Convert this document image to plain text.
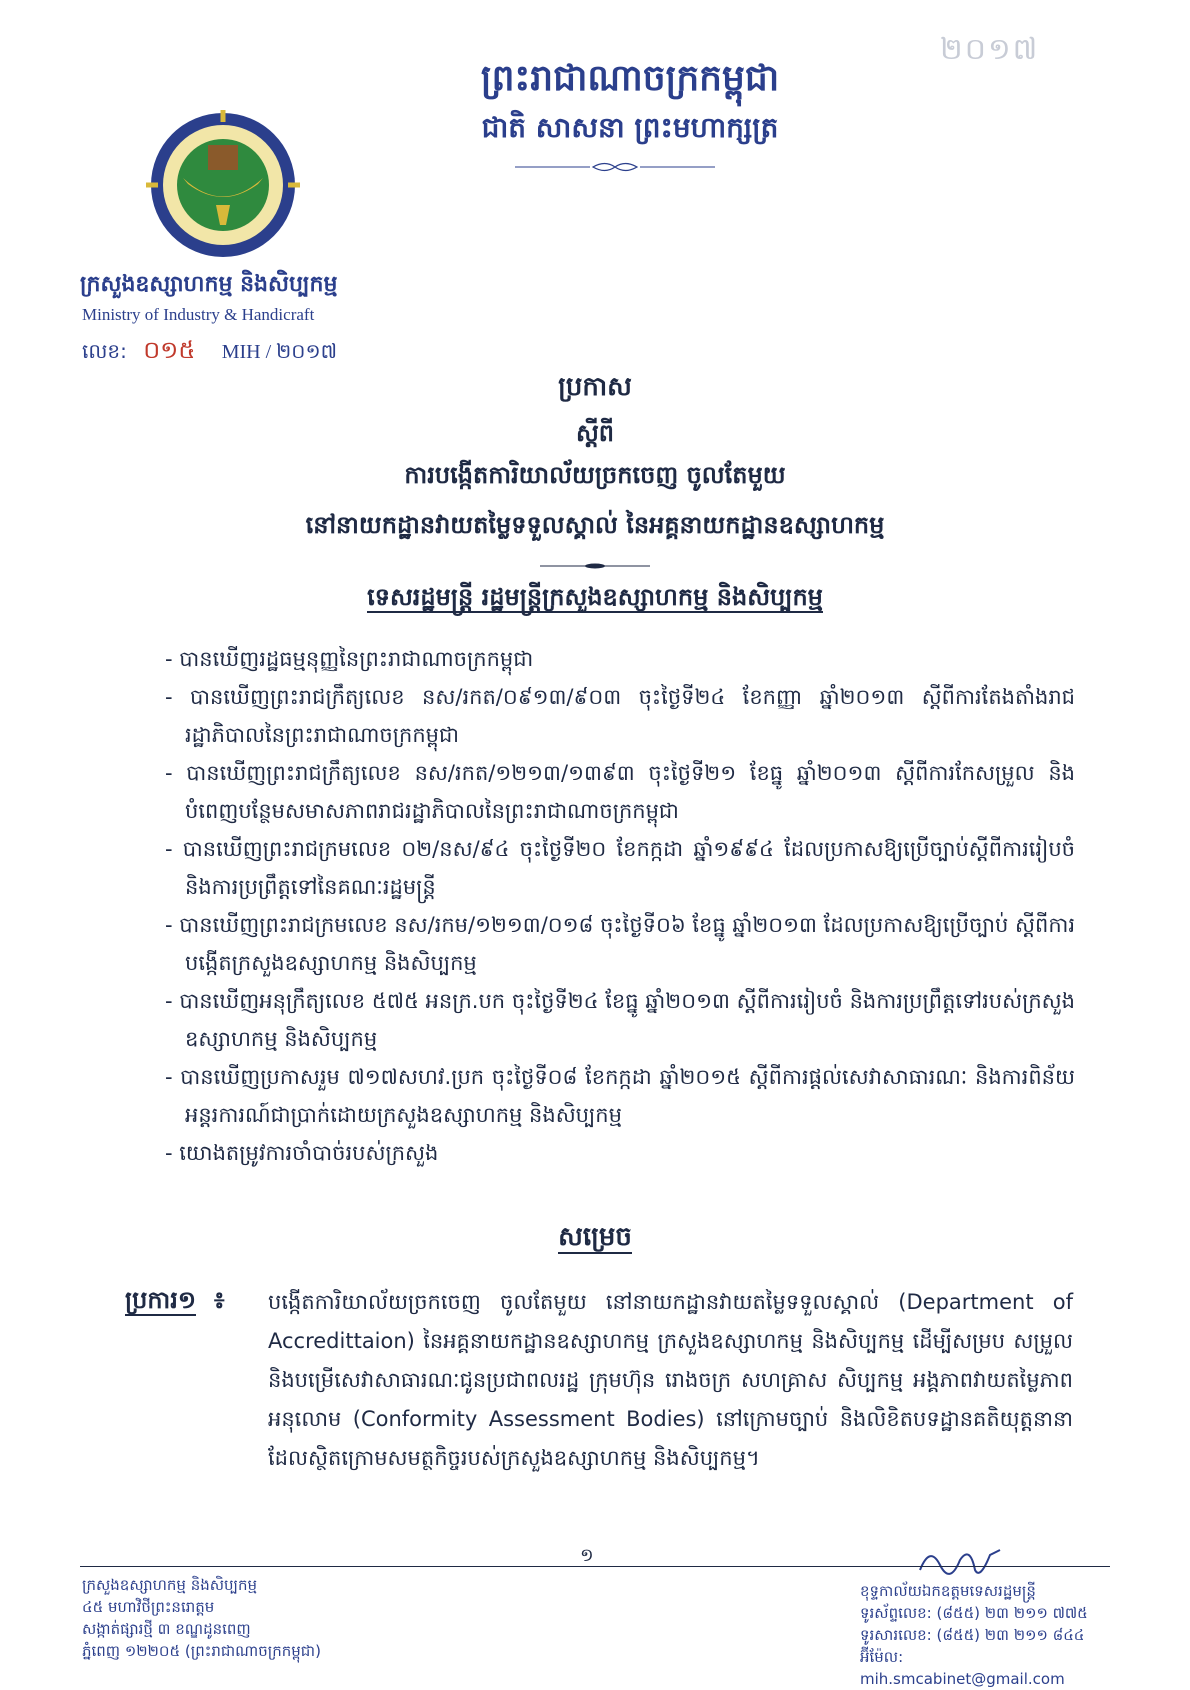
២០១៧
ព្រះរាជាណាចក្រកម្ពុជា
ជាតិ សាសនា ព្រះមហាក្សត្រ
ក្រសួងឧស្សាហកម្ម និងសិប្បកម្ម
Ministry of Industry & Handicraft
លេខ: ០១៥ MIH / ២០១៧
ប្រកាស
ស្តីពី
ការបង្កើតការិយាល័យច្រកចេញ ចូលតែមួយ
នៅនាយកដ្ឋានវាយតម្លៃទទួលស្គាល់ នៃអគ្គនាយកដ្ឋានឧស្សាហកម្ម
ទេសរដ្ឋមន្ត្រី រដ្ឋមន្ត្រីក្រសួងឧស្សាហកម្ម និងសិប្បកម្ម
- បានឃើញរដ្ឋធម្មនុញ្ញនៃព្រះរាជាណាចក្រកម្ពុជា
- បានឃើញព្រះរាជក្រឹត្យលេខ នស/រកត/០៩១៣/៩០៣ ចុះថ្ងៃទី២៤ ខែកញ្ញា ឆ្នាំ២០១៣ ស្តីពីការតែងតាំងរាជរដ្ឋាភិបាលនៃព្រះរាជាណាចក្រកម្ពុជា
- បានឃើញព្រះរាជក្រឹត្យលេខ នស/រកត/១២១៣/១៣៩៣ ចុះថ្ងៃទី២១ ខែធ្នូ ឆ្នាំ២០១៣ ស្តីពីការកែសម្រួល និងបំពេញបន្ថែមសមាសភាពរាជរដ្ឋាភិបាលនៃព្រះរាជាណាចក្រកម្ពុជា
- បានឃើញព្រះរាជក្រមលេខ ០២/នស/៩៤ ចុះថ្ងៃទី២០ ខែកក្កដា ឆ្នាំ១៩៩៤ ដែលប្រកាសឱ្យប្រើច្បាប់ស្តីពីការរៀបចំ និងការប្រព្រឹត្តទៅនៃគណៈរដ្ឋមន្ត្រី
- បានឃើញព្រះរាជក្រមលេខ នស/រកម/១២១៣/០១៨ ចុះថ្ងៃទី០៦ ខែធ្នូ ឆ្នាំ២០១៣ ដែលប្រកាសឱ្យប្រើច្បាប់ ស្តីពីការបង្កើតក្រសួងឧស្សាហកម្ម និងសិប្បកម្ម
- បានឃើញអនុក្រឹត្យលេខ ៥៧៥ អនក្រ.បក ចុះថ្ងៃទី២៤ ខែធ្នូ ឆ្នាំ២០១៣ ស្តីពីការរៀបចំ និងការប្រព្រឹត្តទៅរបស់ក្រសួងឧស្សាហកម្ម និងសិប្បកម្ម
- បានឃើញប្រកាសរួម ៧១៧សហវ.ប្រក ចុះថ្ងៃទី០៨ ខែកក្កដា ឆ្នាំ២០១៥ ស្តីពីការផ្តល់សេវាសាធារណៈ និងការពិន័យ អន្តរការណ៍ជាប្រាក់ដោយក្រសួងឧស្សាហកម្ម និងសិប្បកម្ម
- យោងតម្រូវការចាំបាច់របស់ក្រសួង
សម្រេច
ប្រការ១ ៖ បង្កើតការិយាល័យច្រកចេញ ចូលតែមួយ នៅនាយកដ្ឋានវាយតម្លៃទទួលស្គាល់ (Department of Accredittaion) នៃអគ្គនាយកដ្ឋានឧស្សាហកម្ម ក្រសួងឧស្សាហកម្ម និងសិប្បកម្ម ដើម្បីសម្រប សម្រួល និងបម្រើសេវាសាធារណៈជូនប្រជាពលរដ្ឋ ក្រុមហ៊ុន រោងចក្រ សហគ្រាស សិប្បកម្ម អង្គភាពវាយតម្លៃភាពអនុលោម (Conformity Assessment Bodies) នៅក្រោមច្បាប់ និងលិខិតបទដ្ឋានគតិយុត្តនានា ដែលស្ថិតក្រោមសមត្ថកិច្ចរបស់ក្រសួងឧស្សាហកម្ម និងសិប្បកម្ម។
១
ក្រសួងឧស្សាហកម្ម និងសិប្បកម្ម
៤៥ មហាវិថីព្រះនរោត្តម
សង្កាត់ផ្សារថ្មី ៣ ខណ្ឌដូនពេញ
ភ្នំពេញ ១២២០៥ (ព្រះរាជាណាចក្រកម្ពុជា)
ខុទ្ទកាល័យឯកឧត្តមទេសរដ្ឋមន្ត្រី
ទូរស័ព្ទលេខ: (៨៥៥) ២៣ ២១១ ៧៧៥
ទូរសារលេខ: (៨៥៥) ២៣ ២១១ ៨៤៤
អ៊ីម៉ែល: mih.smcabinet@gmail.com
